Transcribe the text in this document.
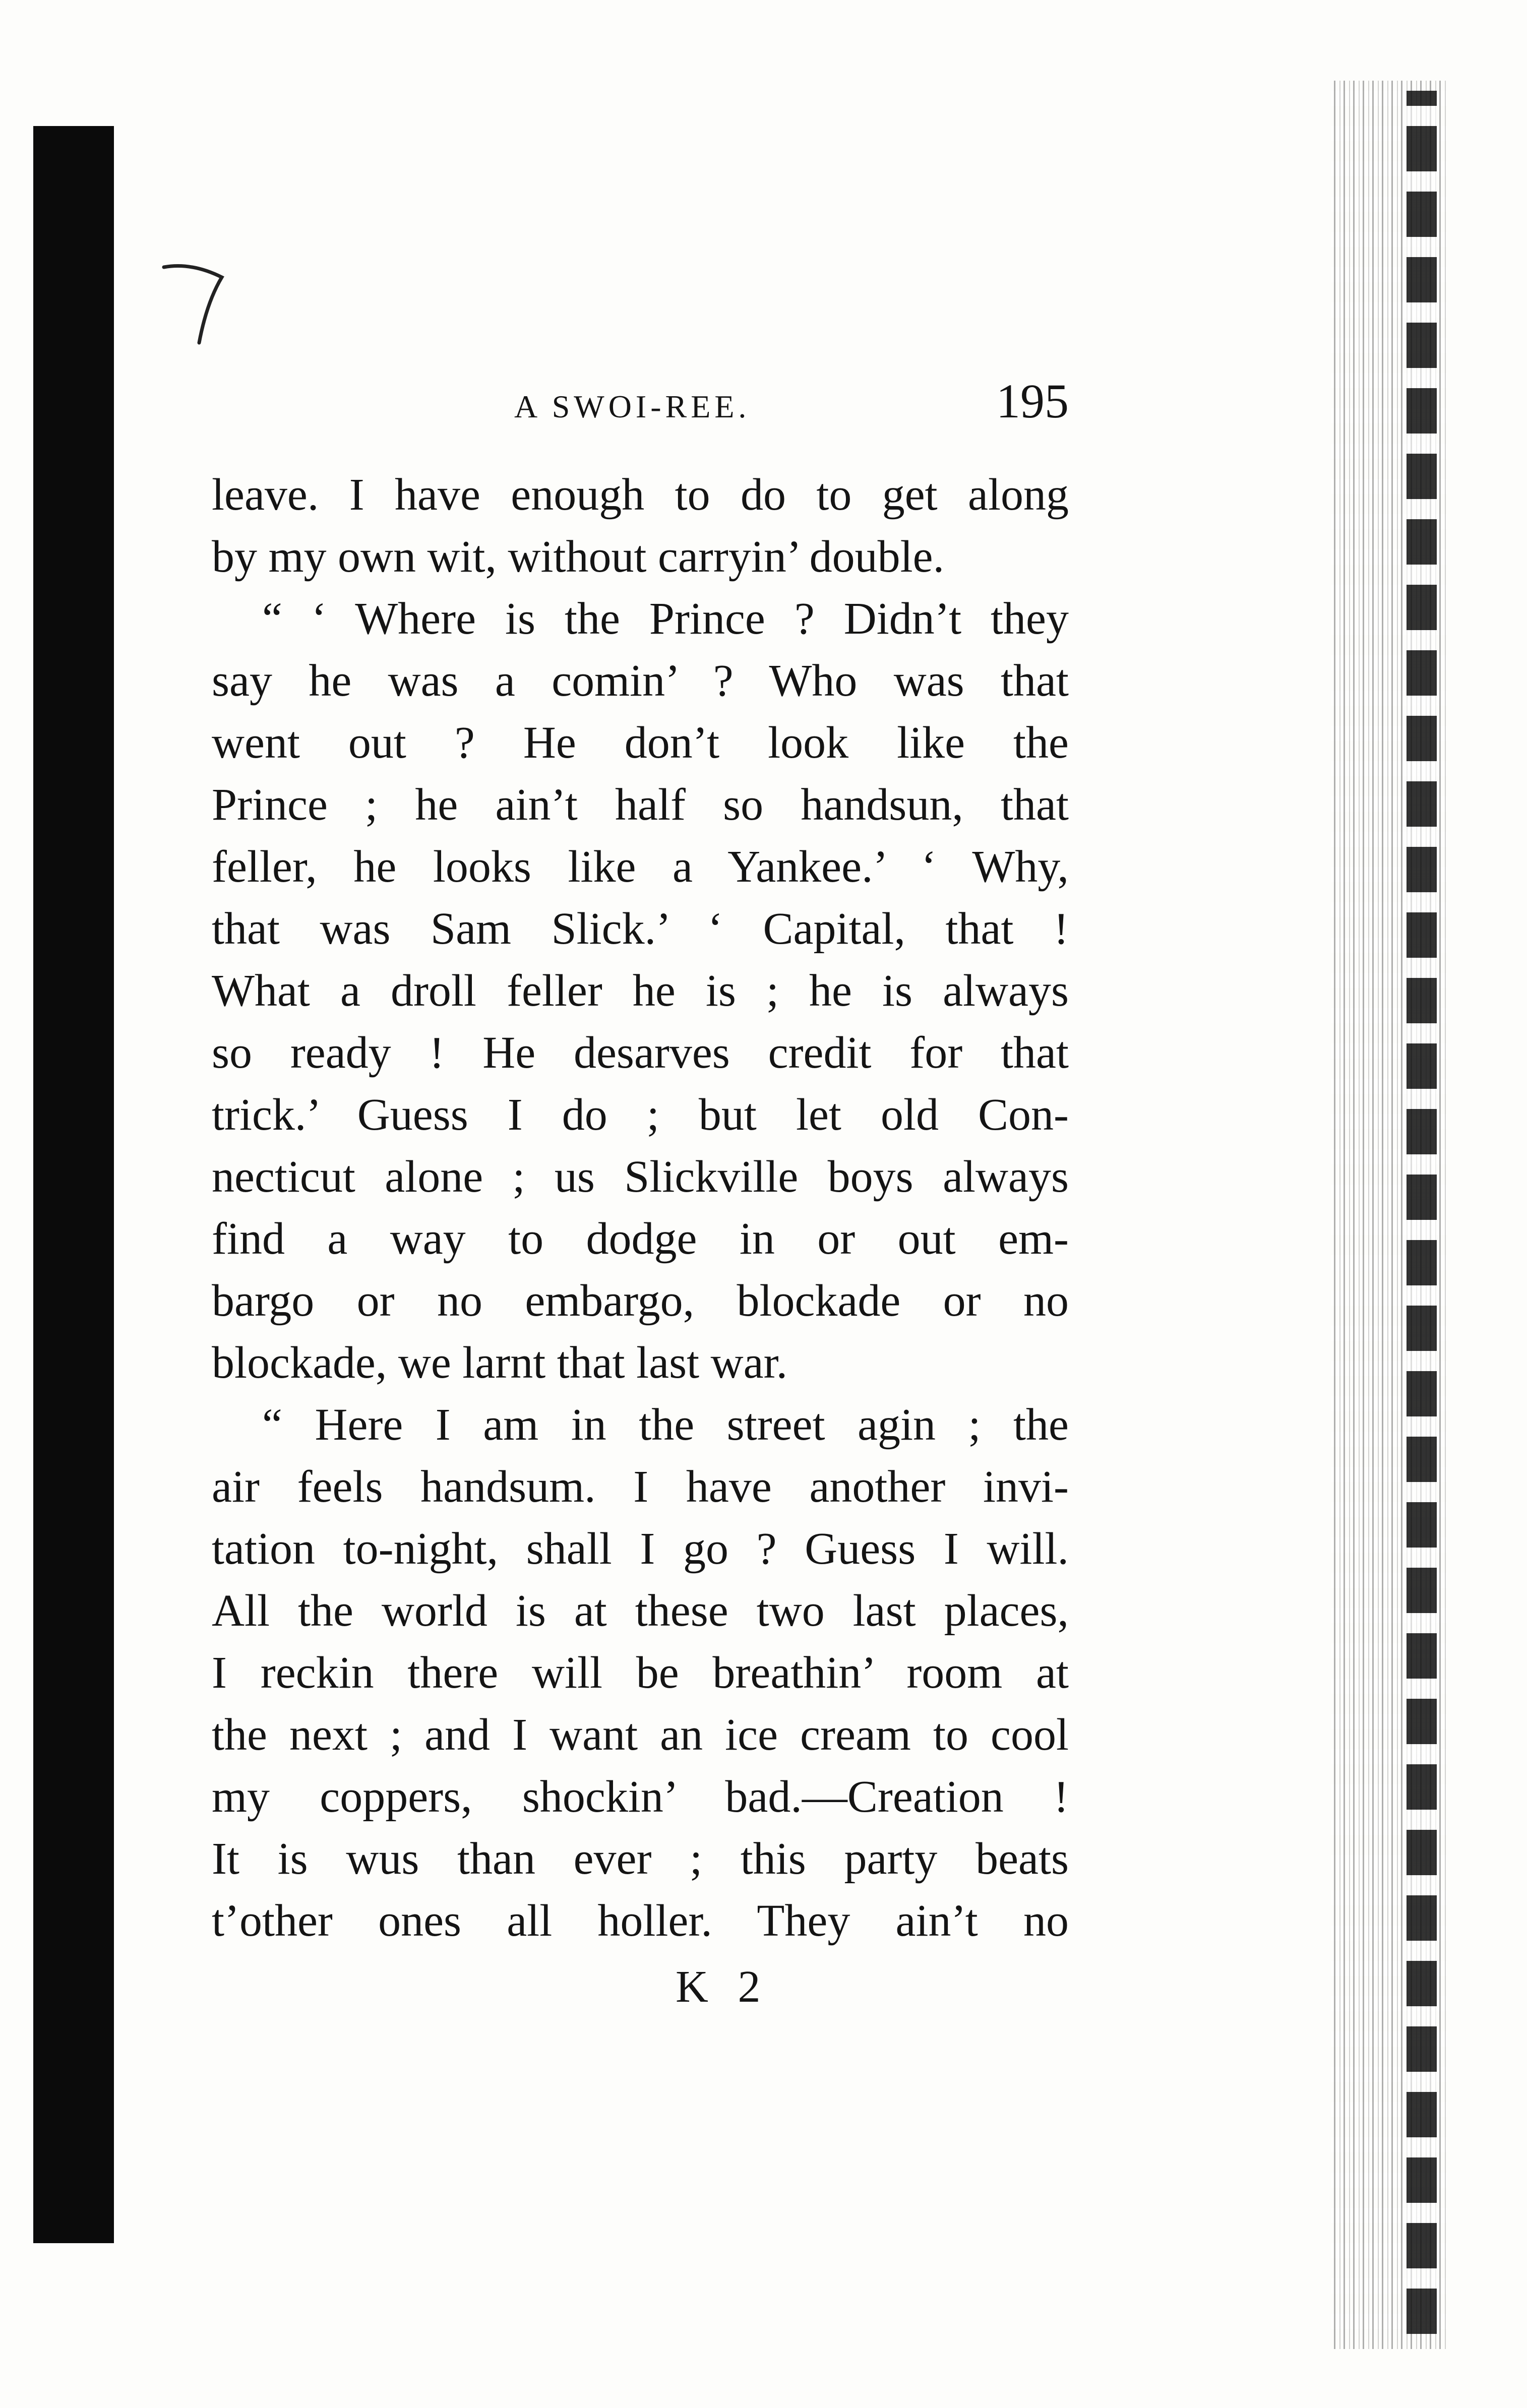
A SWOI-REE.	195
leave. I have enough to do to get along
by my own wit, without carryin’ double.
“ ‘ Where is the Prince ? Didn’t they
say he was a comin’ ? Who was that
went out ? He don’t look like the
Prince ; he ain’t half so handsun, that
feller, he looks like a Yankee.’ ‘ Why,
that was Sam Slick.’ ‘ Capital, that !
What a droll feller he is ; he is always
so ready ! He desarves credit for that
trick.’ Guess I do ; but let old Con-
necticut alone ; us Slickville boys always
find a way to dodge in or out em-
bargo or no embargo, blockade or no
blockade, we larnt that last war.
“ Here I am in the street agin ; the
air feels handsum. I have another invi-
tation to-night, shall I go ? Guess I will.
All the world is at these two last places,
I reckin there will be breathin’ room at
the next ; and I want an ice cream to cool
my coppers, shockin’ bad.—Creation !
It is wus than ever ; this party beats
t’other ones all holler. They ain’t no
K 2
